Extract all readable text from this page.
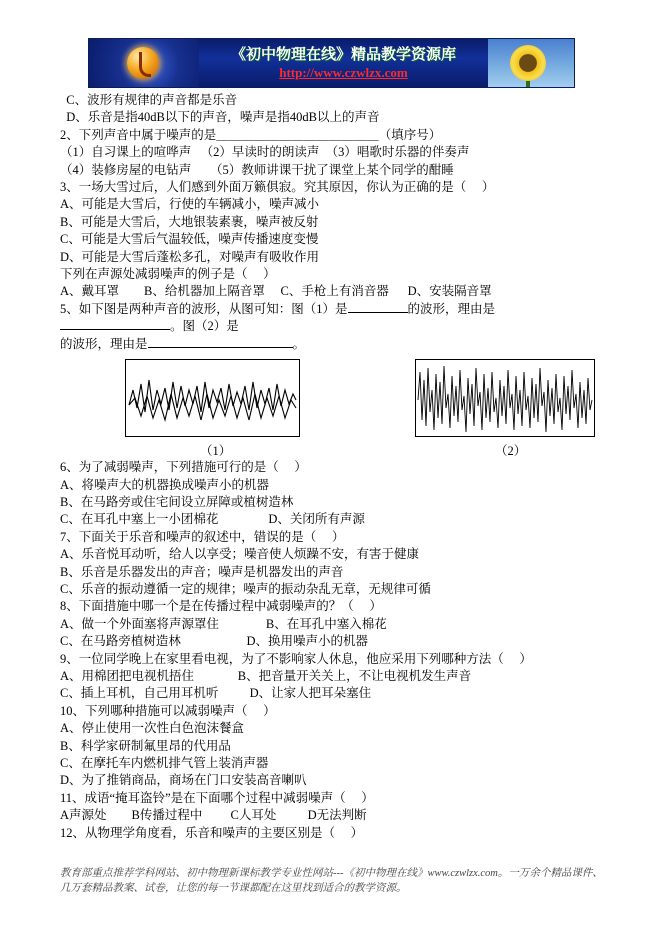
《初中物理在线》精品教学资源库
http://www.czwlzx.com
C、波形有规律的声音都是乐音
D、乐音是指40dB以下的声音，噪声是指40dB以上的声音
2、下列声音中属于噪声的是＿＿＿＿＿＿＿＿＿＿＿＿＿（填序号）
（1）自习课上的喧哗声   （2）早读时的朗读声  （3）唱歌时乐器的伴奏声
（4）装修房屋的电钻声      （5）教师讲课干扰了课堂上某个同学的酣睡
3、一场大雪过后，人们感到外面万籁俱寂。究其原因，你认为正确的是（     ）
A、可能是大雪后，行使的车辆减小，噪声减小
B、可能是大雪后，大地银装素裹，噪声被反射
C、可能是大雪后气温较低，噪声传播速度变慢
D、可能是大雪后蓬松多孔，对噪声有吸收作用
下列在声源处减弱噪声的例子是（     ）
A、戴耳罩        B、给机器加上隔音罩     C、手枪上有消音器      D、安装隔音罩
5、如下图是两种声音的波形，从图可知：图（1）是	的波形，理由是。图（2）是
的波形，理由是	。
（1）	（2）
6、为了减弱噪声，下列措施可行的是（     ）
A、将噪声大的机器换成噪声小的机器
B、在马路旁或住宅间设立屏障或植树造林
C、在耳孔中塞上一小团棉花                D、关闭所有声源
7、下面关于乐音和噪声的叙述中，错误的是（     ）
A、乐音悦耳动听，给人以享受；噪音使人烦躁不安，有害于健康
B、乐音是乐器发出的声音；噪声是机器发出的声音
C、乐音的振动遵循一定的规律；噪声的振动杂乱无章，无规律可循
8、下面措施中哪一个是在传播过程中减弱噪声的？（     ）
A、做一个外面塞将声源罩住               B、在耳孔中塞入棉花
C、在马路旁植树造林                     D、换用噪声小的机器
9、一位同学晚上在家里看电视，为了不影响家人休息，他应采用下列哪种方法（     ）
A、用棉团把电视机捂住              B、把音量开关关上，不让电视机发生声音
C、插上耳机，自己用耳机听          D、让家人把耳朵塞住
10、下列哪种措施可以减弱噪声（     ）
A、停止使用一次性白色泡沫餐盒
B、科学家研制氟里昂的代用品
C、在摩托车内燃机排气管上装消声器
D、为了推销商品，商场在门口安装高音喇叭
11、成语“掩耳盗铃”是在下面哪个过程中减弱噪声（     ）
A声源处        B传播过程中         C人耳处          D无法判断
12、从物理学角度看，乐音和噪声的主要区别是（     ）
教育部重点推荐学科网站、初中物理新课标教学专业性网站---《初中物理在线》www.czwlzx.com。一万余个精品课件、
几万套精品教案、试卷，让您的每一节课都配在这里找到适合的教学资源。
